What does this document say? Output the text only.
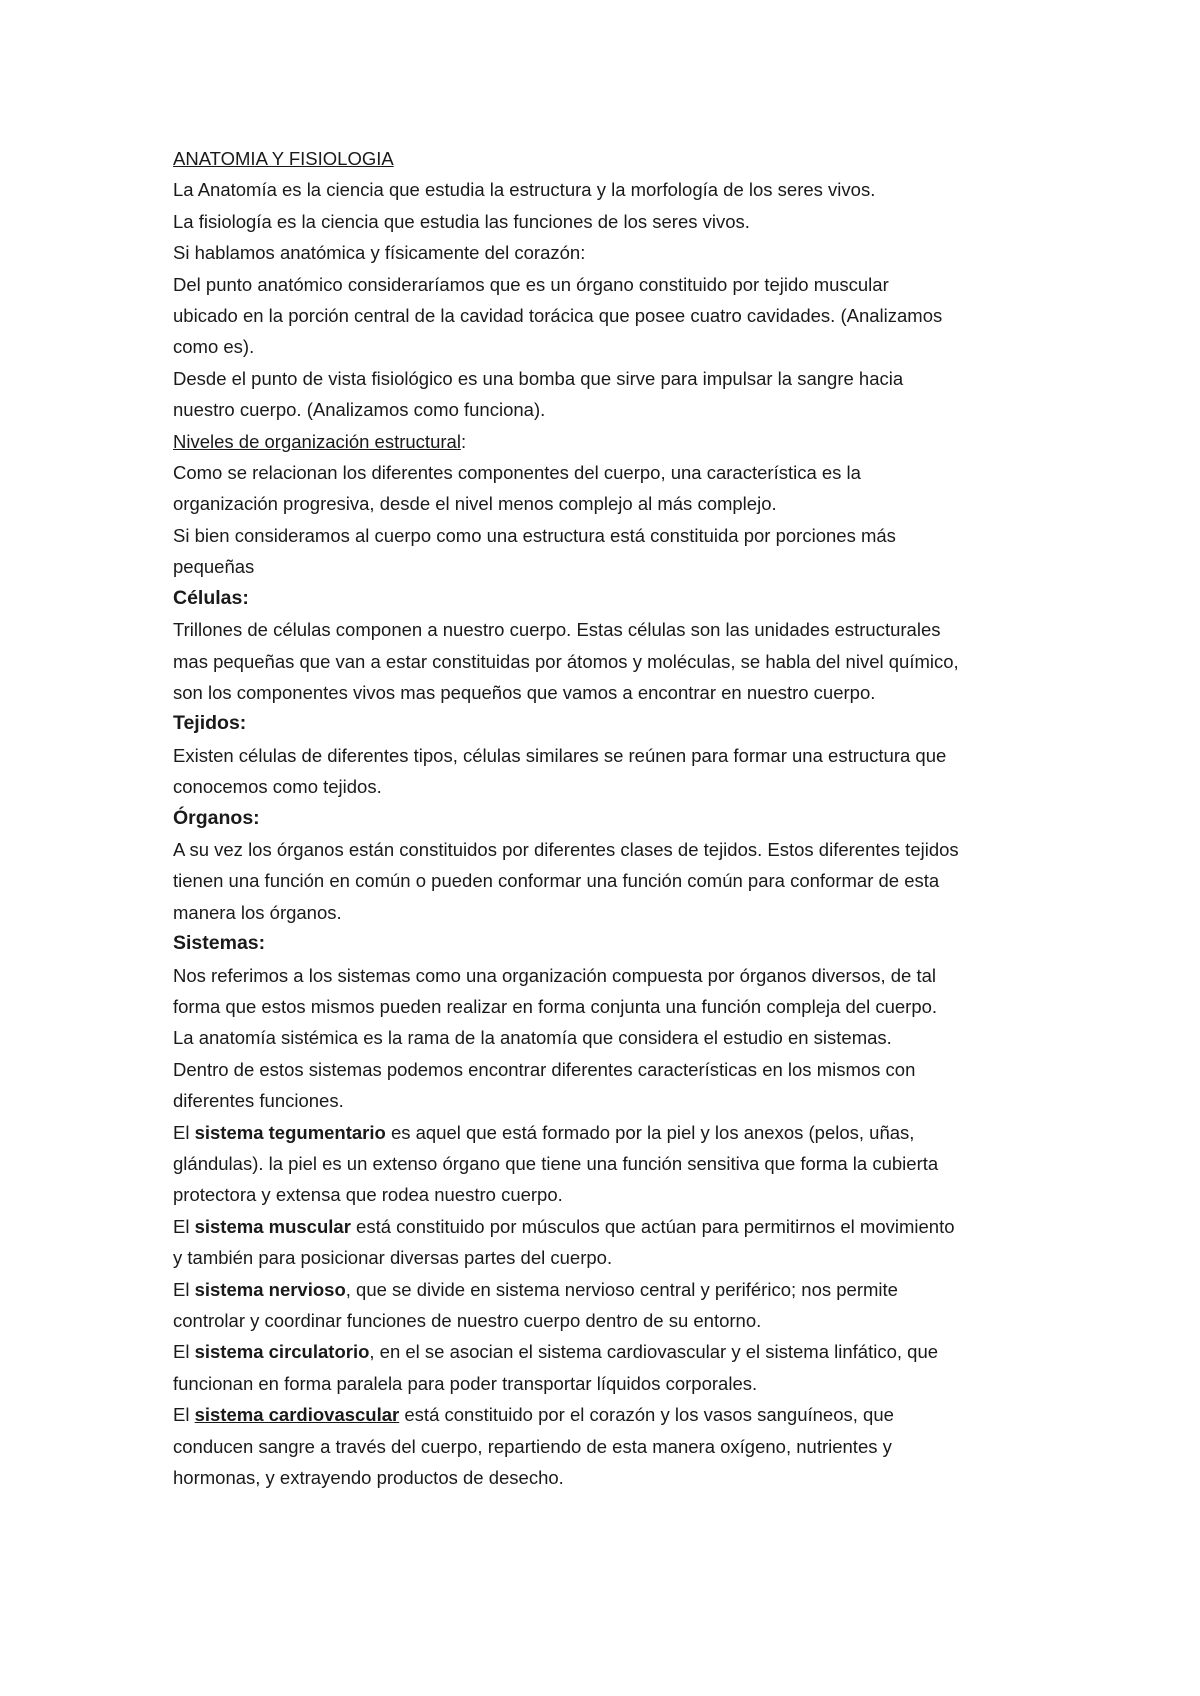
ANATOMIA Y FISIOLOGIA
La Anatomía es la ciencia que estudia la estructura y la morfología de los seres vivos.
La fisiología es la ciencia que estudia las funciones de los seres vivos.
Si hablamos anatómica y físicamente del corazón:
Del punto anatómico consideraríamos que es un órgano constituido por tejido muscular
ubicado en la porción central de la cavidad torácica que posee cuatro cavidades. (Analizamos
como es).
Desde el punto de vista fisiológico es una bomba que sirve para impulsar la sangre hacia
nuestro cuerpo. (Analizamos como funciona).
Niveles de organización estructural:
Como se relacionan los diferentes componentes del cuerpo, una característica es la
organización progresiva, desde el nivel menos complejo al más complejo.
Si bien consideramos al cuerpo como una estructura está constituida por porciones más
pequeñas
Células:
Trillones de células componen a nuestro cuerpo. Estas células son las unidades estructurales
mas pequeñas que van a estar constituidas por átomos y moléculas, se habla del nivel químico,
son los componentes vivos mas pequeños que vamos a encontrar en nuestro cuerpo.
Tejidos:
Existen células de diferentes tipos, células similares se reúnen para formar una estructura que
conocemos como tejidos.
Órganos:
A su vez los órganos están constituidos por diferentes clases de tejidos. Estos diferentes tejidos
tienen una función en común o pueden conformar una función común para conformar de esta
manera los órganos.
Sistemas:
Nos referimos a los sistemas como una organización compuesta por órganos diversos, de tal
forma que estos mismos pueden realizar en forma conjunta una función compleja del cuerpo.
La anatomía sistémica es la rama de la anatomía que considera el estudio en sistemas.
Dentro de estos sistemas podemos encontrar diferentes características en los mismos con
diferentes funciones.
El sistema tegumentario es aquel que está formado por la piel y los anexos (pelos, uñas,
glándulas). la piel es un extenso órgano que tiene una función sensitiva que forma la cubierta
protectora y extensa que rodea nuestro cuerpo.
El sistema muscular está constituido por músculos que actúan para permitirnos el movimiento
y también para posicionar diversas partes del cuerpo.
El sistema nervioso, que se divide en sistema nervioso central y periférico; nos permite
controlar y coordinar funciones de nuestro cuerpo dentro de su entorno.
El sistema circulatorio, en el se asocian el sistema cardiovascular y el sistema linfático, que
funcionan en forma paralela para poder transportar líquidos corporales.
El sistema cardiovascular está constituido por el corazón y los vasos sanguíneos, que
conducen sangre a través del cuerpo, repartiendo de esta manera oxígeno, nutrientes y
hormonas, y extrayendo productos de desecho.
